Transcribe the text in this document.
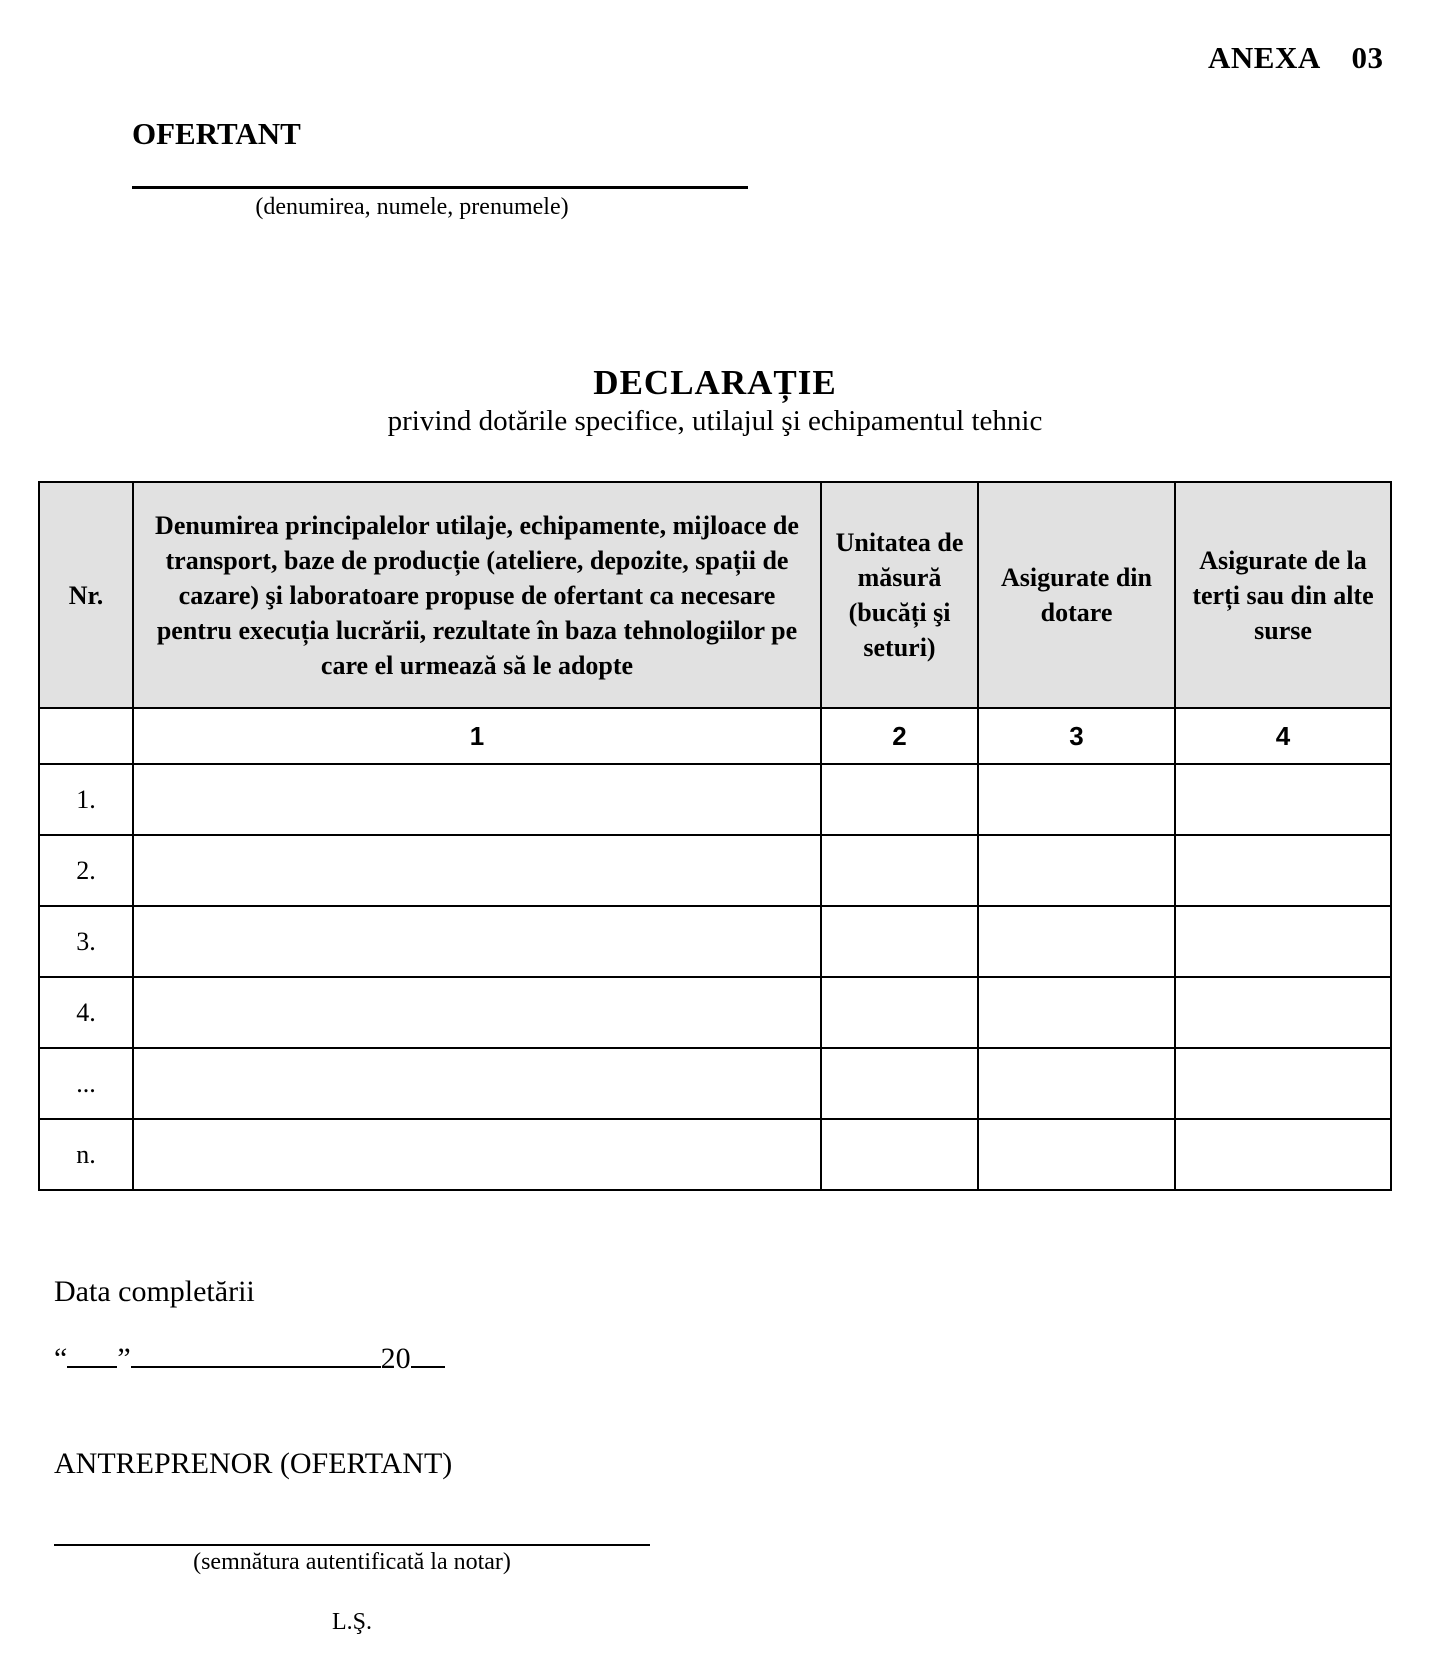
ANEXA  03
OFERTANT
(denumirea, numele, prenumele)
DECLARAȚIE
privind dotările specifice, utilajul şi echipamentul tehnic
Nr.	Denumirea principalelor utilaje, echipamente, mijloace de transport, baze de producție (ateliere, depozite, spații de cazare) şi laboratoare propuse de ofertant ca necesare pentru execuția lucrării, rezultate în baza tehnologiilor pe care el urmează să le adopte	Unitatea de măsură (bucăți şi seturi)	Asigurate din dotare	Asigurate de la terți sau din alte surse
	1	2	3	4
1.				
2.				
3.				
4.				
...				
n.				
Data completării
“ ”	20
ANTREPRENOR (OFERTANT)
(semnătura autentificată la notar)
L.Ş.
